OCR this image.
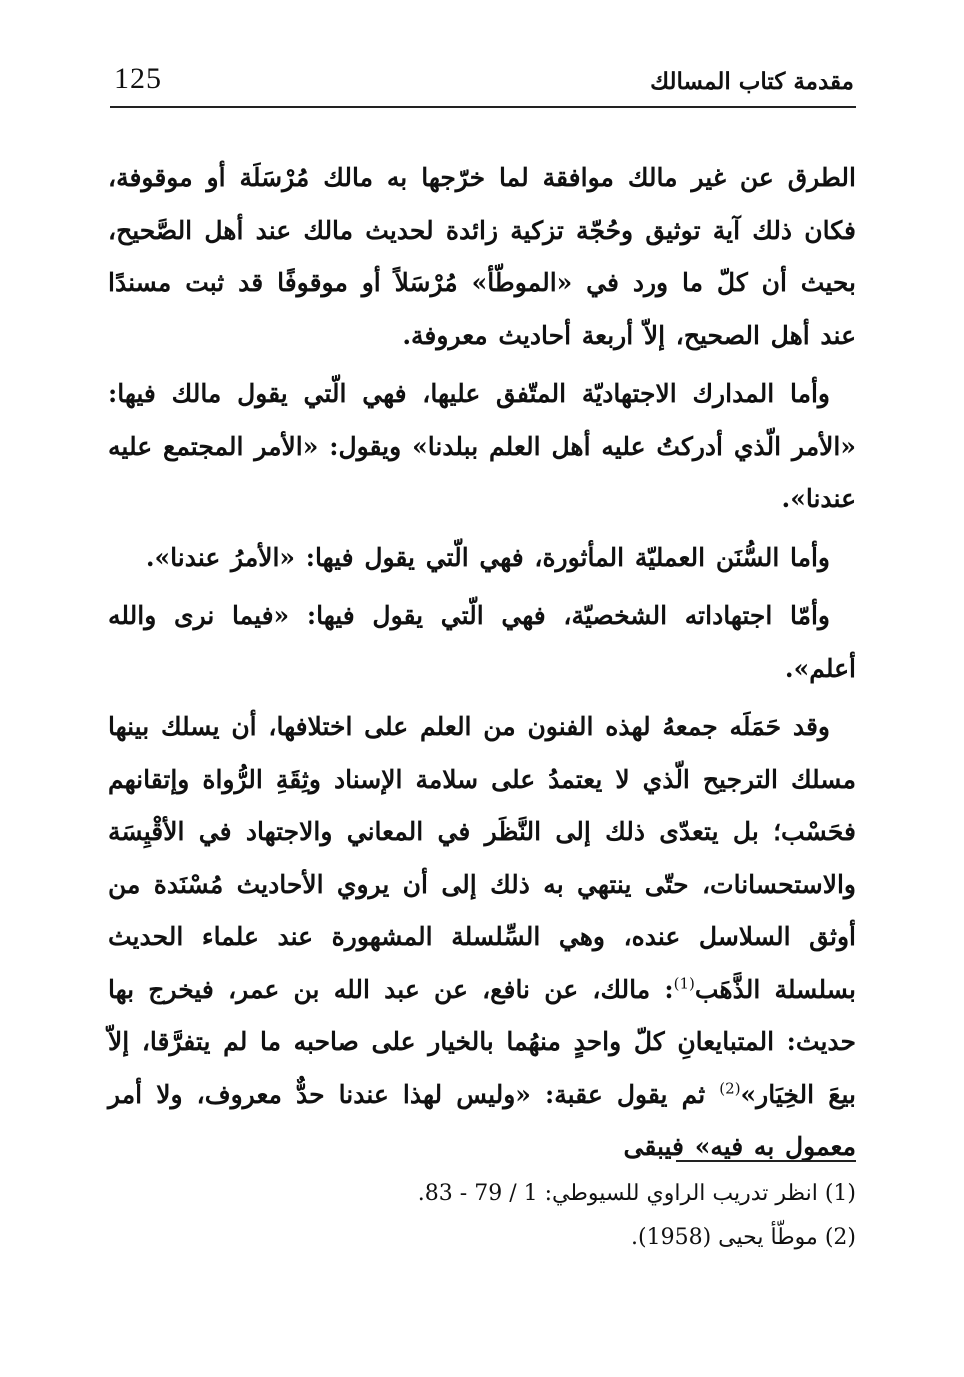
125	مقدمة كتاب المسالك

الطرق عن غير مالك موافقة لما خرّجها به مالك مُرْسَلَة أو موقوفة، فكان ذلك آية توثيق وحُجّة تزكية زائدة لحديث مالك عند أهل الصَّحيح، بحيث أن كلّ ما ورد في «الموطّأ» مُرْسَلاً أو موقوفًا قد ثبت مسندًا عند أهل الصحيح، إلاّ أربعة أحاديث معروفة.

وأما المدارك الاجتهاديّة المتّفق عليها، فهي الّتي يقول مالك فيها: «الأمر الّذي أدركتُ عليه أهل العلم ببلدنا» ويقول: «الأمر المجتمع عليه عندنا».

وأما السُّنَن العمليّة المأثورة، فهي الّتي يقول فيها: «الأمرُ عندنا».

وأمّا اجتهاداته الشخصيّة، فهي الّتي يقول فيها: «فيما نرى والله أعلم».

وقد حَمَلَه جمعهُ لهذه الفنون من العلم على اختلافها، أن يسلك بينها مسلك الترجيح الّذي لا يعتمدُ على سلامة الإسناد وثِقَةِ الرُّواة وإتقانهم فحَسْب؛ بل يتعدّى ذلك إلى النَّظَر في المعاني والاجتهاد في الأقْيِسَة والاستحسانات، حتّى ينتهي به ذلك إلى أن يروي الأحاديث مُسْنَدة من أوثق السلاسل عنده، وهي السِّلسلة المشهورة عند علماء الحديث بسلسلة الذَّهَب$^{(1)}$: مالك، عن نافع، عن عبد الله بن عمر، فيخرج بها حديث: المتبايعانِ كلّ واحدٍ منهُما بالخيار على صاحبه ما لم يتفرَّقا، إلاّ بيعَ الخِيَار»$^{(2)}$ ثم يقول عقبة: «وليس لهذا عندنا حدٌّ معروف، ولا أمر معمول به فيه» فيبقى

(1) انظر تدريب الراوي للسيوطي: 1 / 79 - 83.

(2) موطّأ يحيى (1958).
